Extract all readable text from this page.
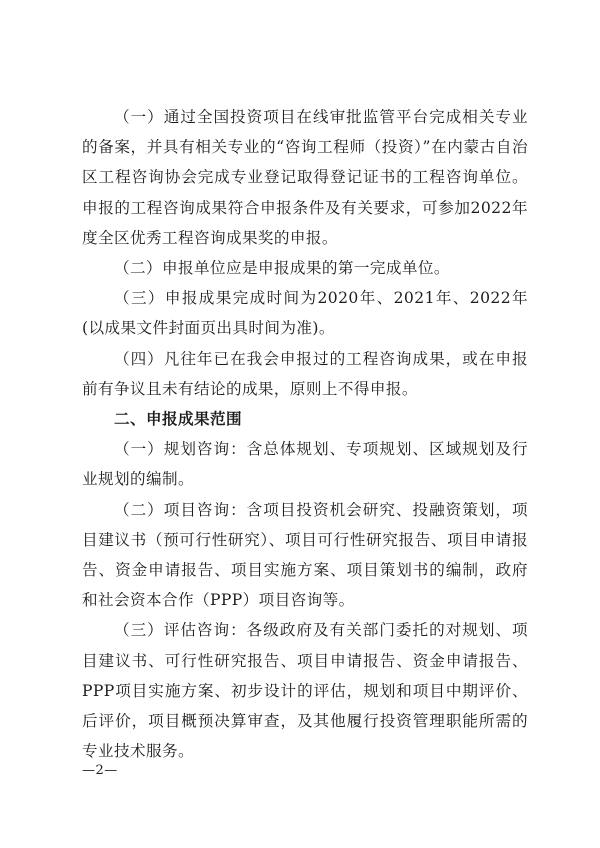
（一）通过全国投资项目在线审批监管平台完成相关专业的备案，并具有相关专业的“咨询工程师（投资）”在内蒙古自治区工程咨询协会完成专业登记取得登记证书的工程咨询单位。申报的工程咨询成果符合申报条件及有关要求，可参加2022年度全区优秀工程咨询成果奖的申报。

（二）申报单位应是申报成果的第一完成单位。

（三）申报成果完成时间为2020年、2021年、2022年(以成果文件封面页出具时间为准)。

（四）凡往年已在我会申报过的工程咨询成果，或在申报前有争议且未有结论的成果，原则上不得申报。

二、申报成果范围

（一）规划咨询：含总体规划、专项规划、区域规划及行业规划的编制。

（二）项目咨询：含项目投资机会研究、投融资策划，项目建议书（预可行性研究）、项目可行性研究报告、项目申请报告、资金申请报告、项目实施方案、项目策划书的编制，政府和社会资本合作（PPP）项目咨询等。

（三）评估咨询：各级政府及有关部门委托的对规划、项目建议书、可行性研究报告、项目申请报告、资金申请报告、PPP项目实施方案、初步设计的评估，规划和项目中期评价、后评价，项目概预决算审查，及其他履行投资管理职能所需的专业技术服务。

—2—
